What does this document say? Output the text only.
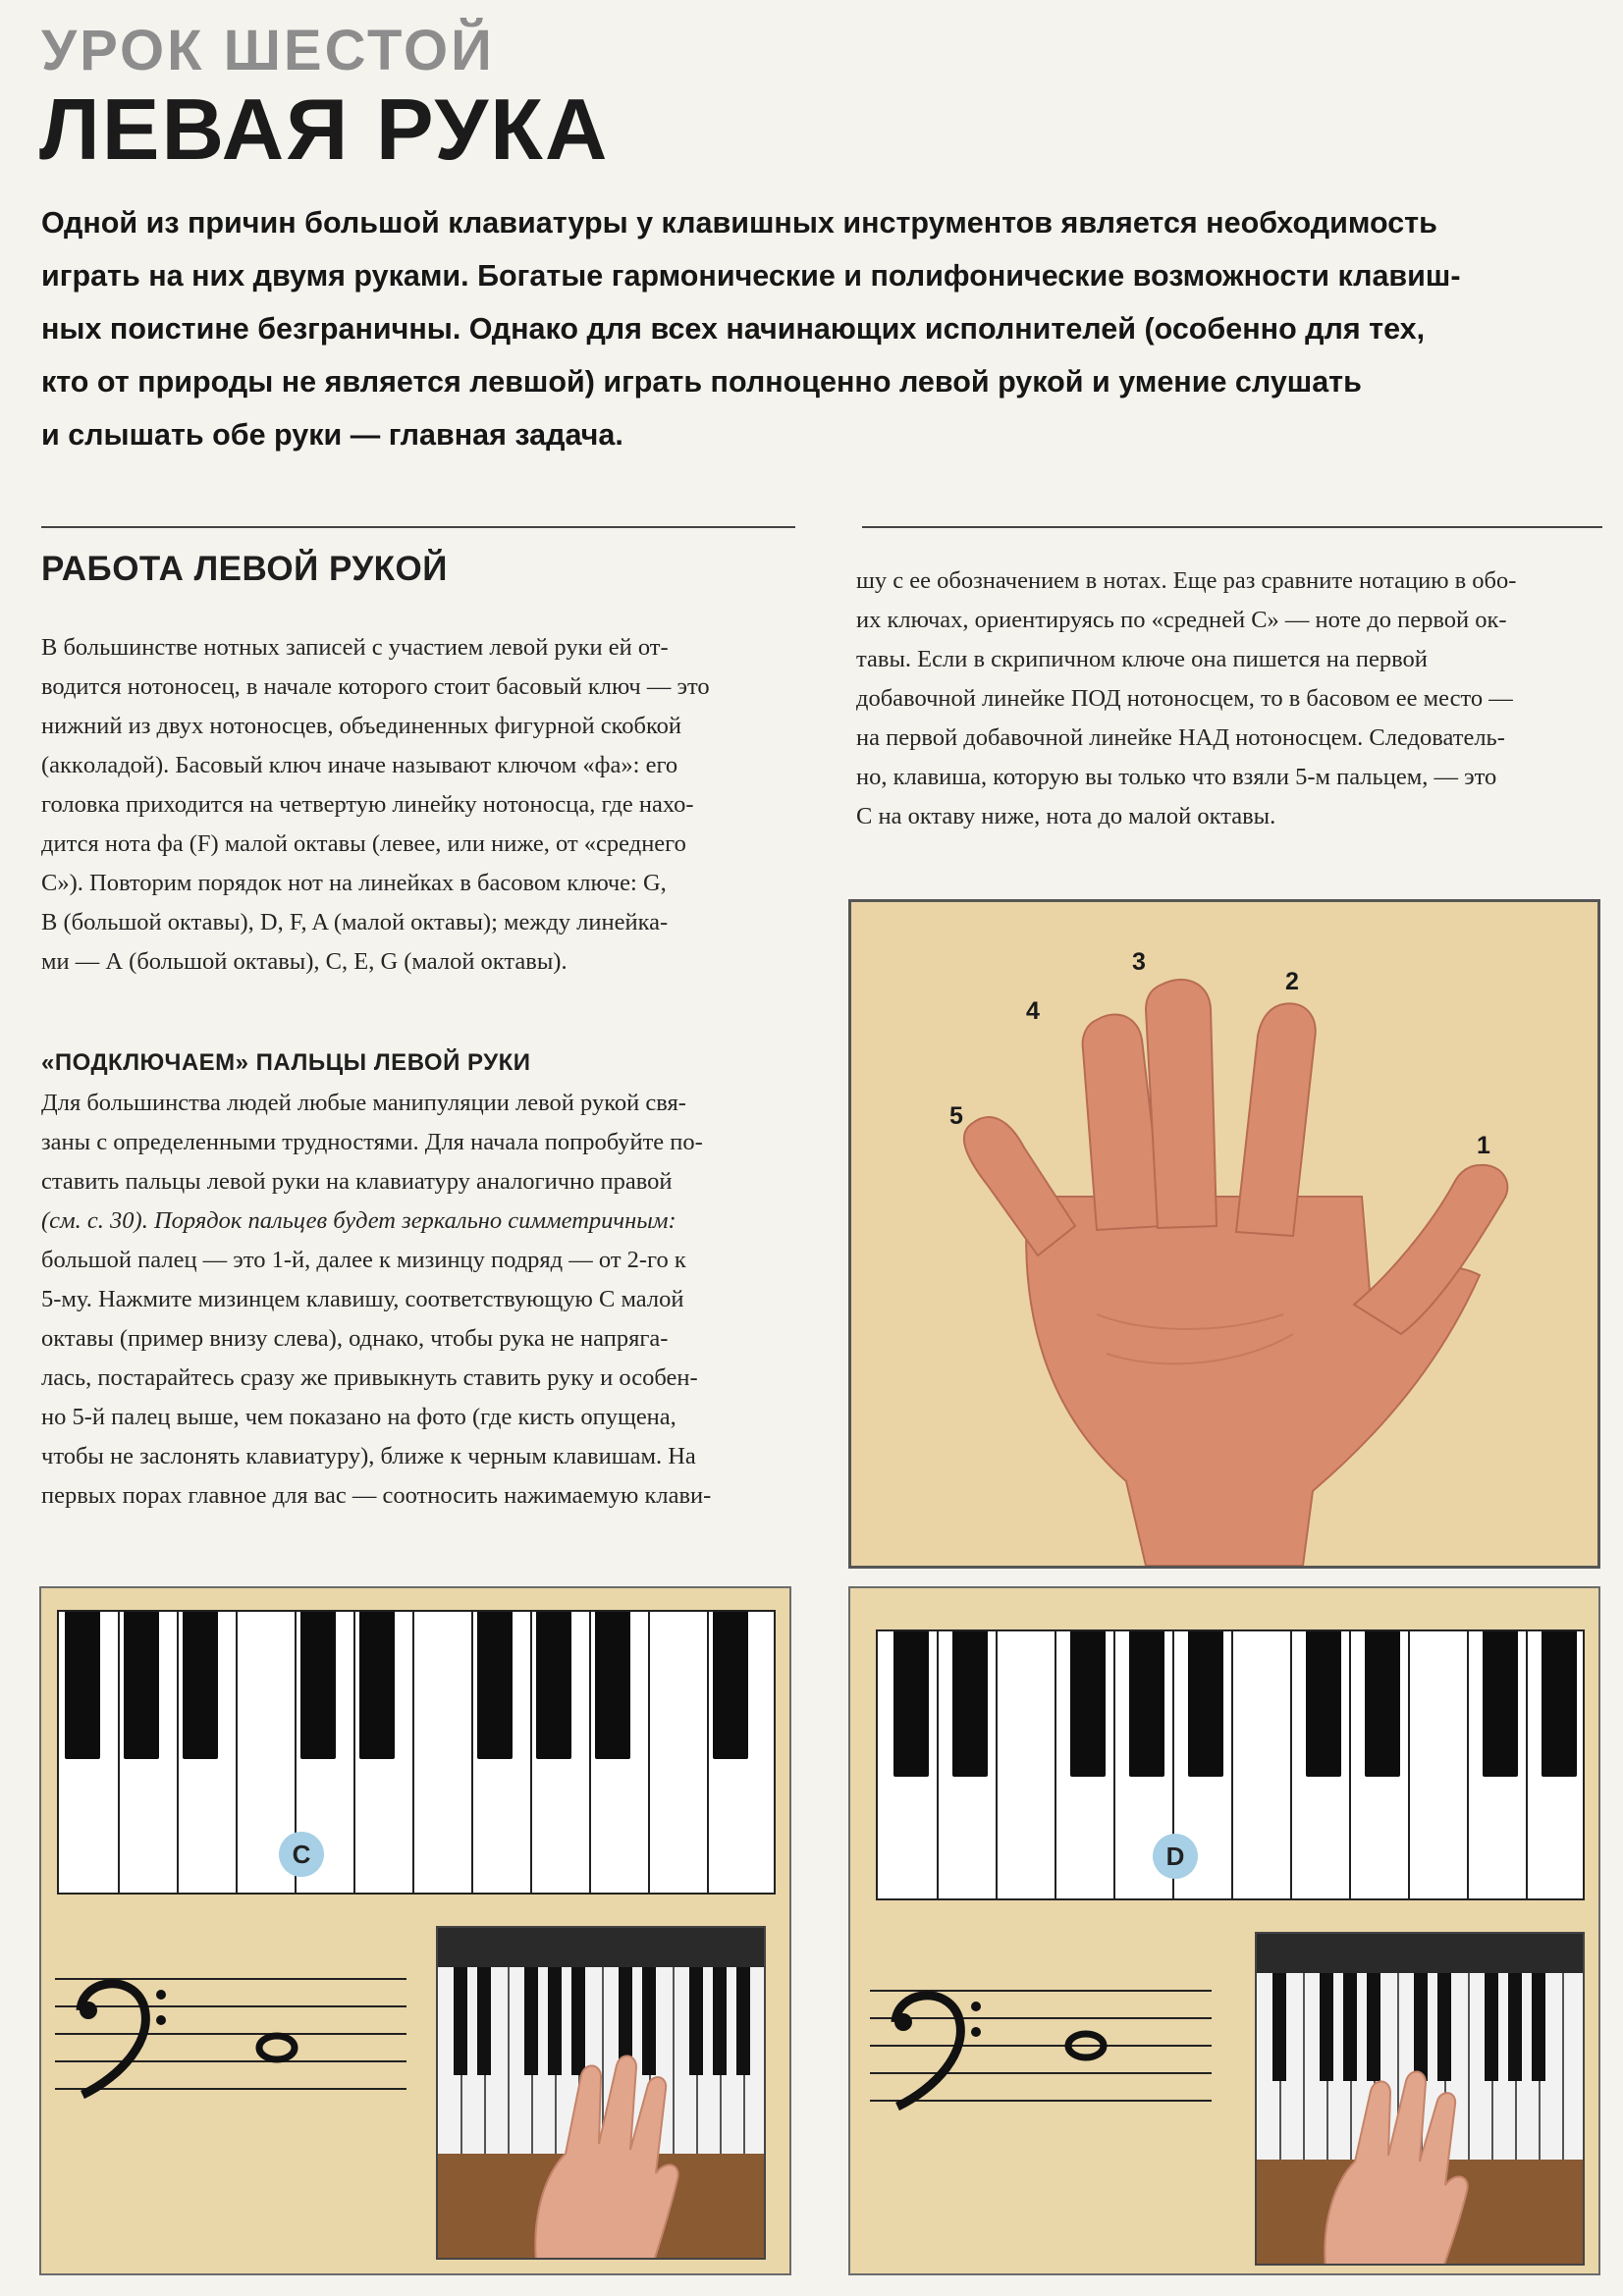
УРОК ШЕСТОЙ
ЛЕВАЯ РУКА

Одной из причин большой клавиатуры у клавишных инструментов является необходимость

играть на них двумя руками. Богатые гармонические и полифонические возможности клавиш-

ных поистине безграничны. Однако для всех начинающих исполнителей (особенно для тех,

кто от природы не является левшой) играть полноценно левой рукой и умение слушать

и слышать обе руки — главная задача.

РАБОТА ЛЕВОЙ РУКОЙ

В большинстве нотных записей с участием левой руки ей от-

водится нотоносец, в начале которого стоит басовый ключ — это

нижний из двух нотоносцев, объединенных фигурной скобкой

(аккoладой). Басовый ключ иначе называют ключом «фа»: его

головка приходится на четвертую линейку нотоносца, где нахо-

дится нота фа (F) малой октавы (левее, или ниже, от «среднего

С»). Повторим порядок нот на линейках в басовом ключе: G,

B (большой октавы), D, F, A (малой октавы); между линейка-

ми — А (большой октавы), C, E, G (малой октавы).

«ПОДКЛЮЧАЕМ» ПАЛЬЦЫ ЛЕВОЙ РУКИ

Для большинства людей любые манипуляции левой рукой свя-

заны с определенными трудностями. Для начала попробуйте по-

ставить пальцы левой руки на клавиатуру аналогично правой

(см. с. 30). Порядок пальцев будет зеркально симметричным:

большой палец — это 1-й, далее к мизинцу подряд — от 2-го к

5-му. Нажмите мизинцем клавишу, соответствующую С малой

октавы (пример внизу слева), однако, чтобы рука не напряга-

лась, постарайтесь сразу же привыкнуть ставить руку и особен-

но 5-й палец выше, чем показано на фото (где кисть опущена,

чтобы не заслонять клавиатуру), ближе к черным клавишам. На

первых порах главное для вас — соотносить нажимаемую клави-

шу с ее обозначением в нотах. Еще раз сравните нотацию в обо-

их ключах, ориентируясь по «средней С» — ноте до первой ок-

тавы. Если в скрипичном ключе она пишется на первой

добавочной линейке ПОД нотоносцем, то в басовом ее место —

на первой добавочной линейке НАД нотоносцем. Следователь-

но, клавиша, которую вы только что взяли 5-м пальцем, — это

С на октаву ниже, нота до малой октавы.

3
2
4
5
1
C	D
